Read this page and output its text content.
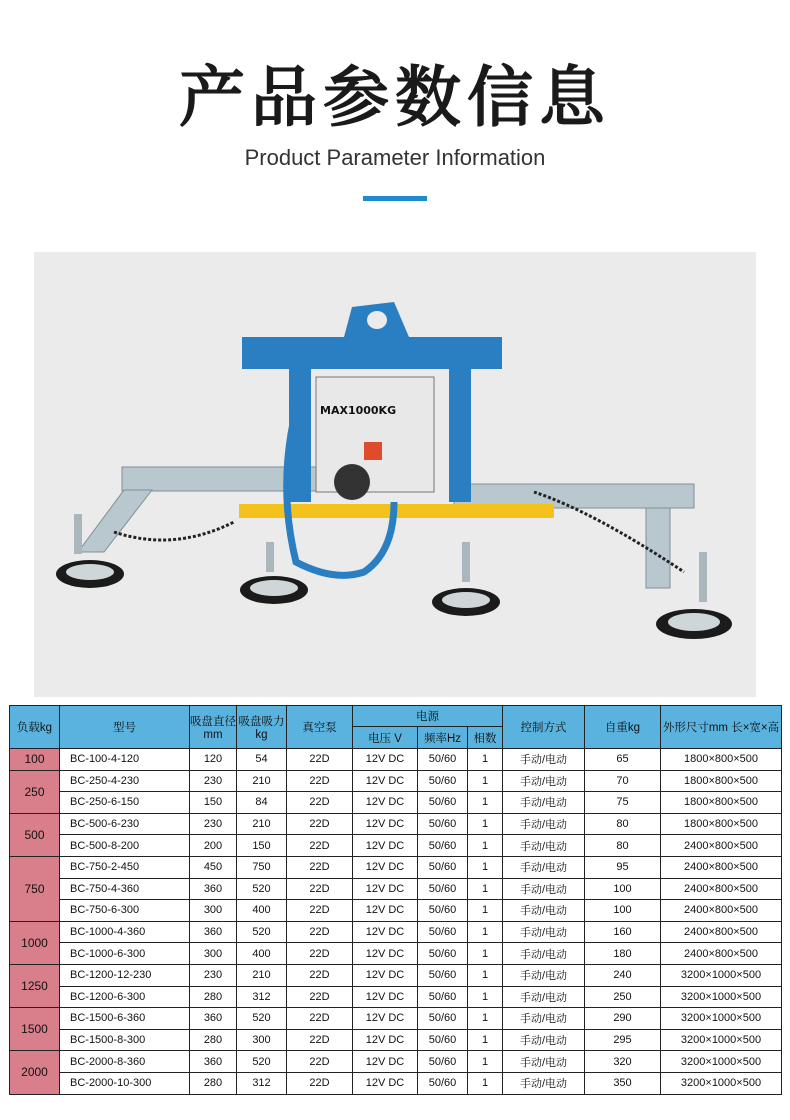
产品参数信息
Product Parameter Information
MAX1000KG
负载kg	型号	吸盘直径mm	吸盘吸力kg	真空泵	电源			控制方式	自重kg	外形尺寸mm 长×宽×高
					电压 V	频率Hz	相数			
100	BC-100-4-120	120	54	22D	12V DC	50/60	1	手动/电动	65	1800×800×500
250	BC-250-4-230	230	210	22D	12V DC	50/60	1	手动/电动	70	1800×800×500
	BC-250-6-150	150	84	22D	12V DC	50/60	1	手动/电动	75	1800×800×500
500	BC-500-6-230	230	210	22D	12V DC	50/60	1	手动/电动	80	1800×800×500
	BC-500-8-200	200	150	22D	12V DC	50/60	1	手动/电动	80	2400×800×500
750	BC-750-2-450	450	750	22D	12V DC	50/60	1	手动/电动	95	2400×800×500
	BC-750-4-360	360	520	22D	12V DC	50/60	1	手动/电动	100	2400×800×500
	BC-750-6-300	300	400	22D	12V DC	50/60	1	手动/电动	100	2400×800×500
1000	BC-1000-4-360	360	520	22D	12V DC	50/60	1	手动/电动	160	2400×800×500
	BC-1000-6-300	300	400	22D	12V DC	50/60	1	手动/电动	180	2400×800×500
1250	BC-1200-12-230	230	210	22D	12V DC	50/60	1	手动/电动	240	3200×1000×500
	BC-1200-6-300	280	312	22D	12V DC	50/60	1	手动/电动	250	3200×1000×500
1500	BC-1500-6-360	360	520	22D	12V DC	50/60	1	手动/电动	290	3200×1000×500
	BC-1500-8-300	280	300	22D	12V DC	50/60	1	手动/电动	295	3200×1000×500
2000	BC-2000-8-360	360	520	22D	12V DC	50/60	1	手动/电动	320	3200×1000×500
	BC-2000-10-300	280	312	22D	12V DC	50/60	1	手动/电动	350	3200×1000×500
